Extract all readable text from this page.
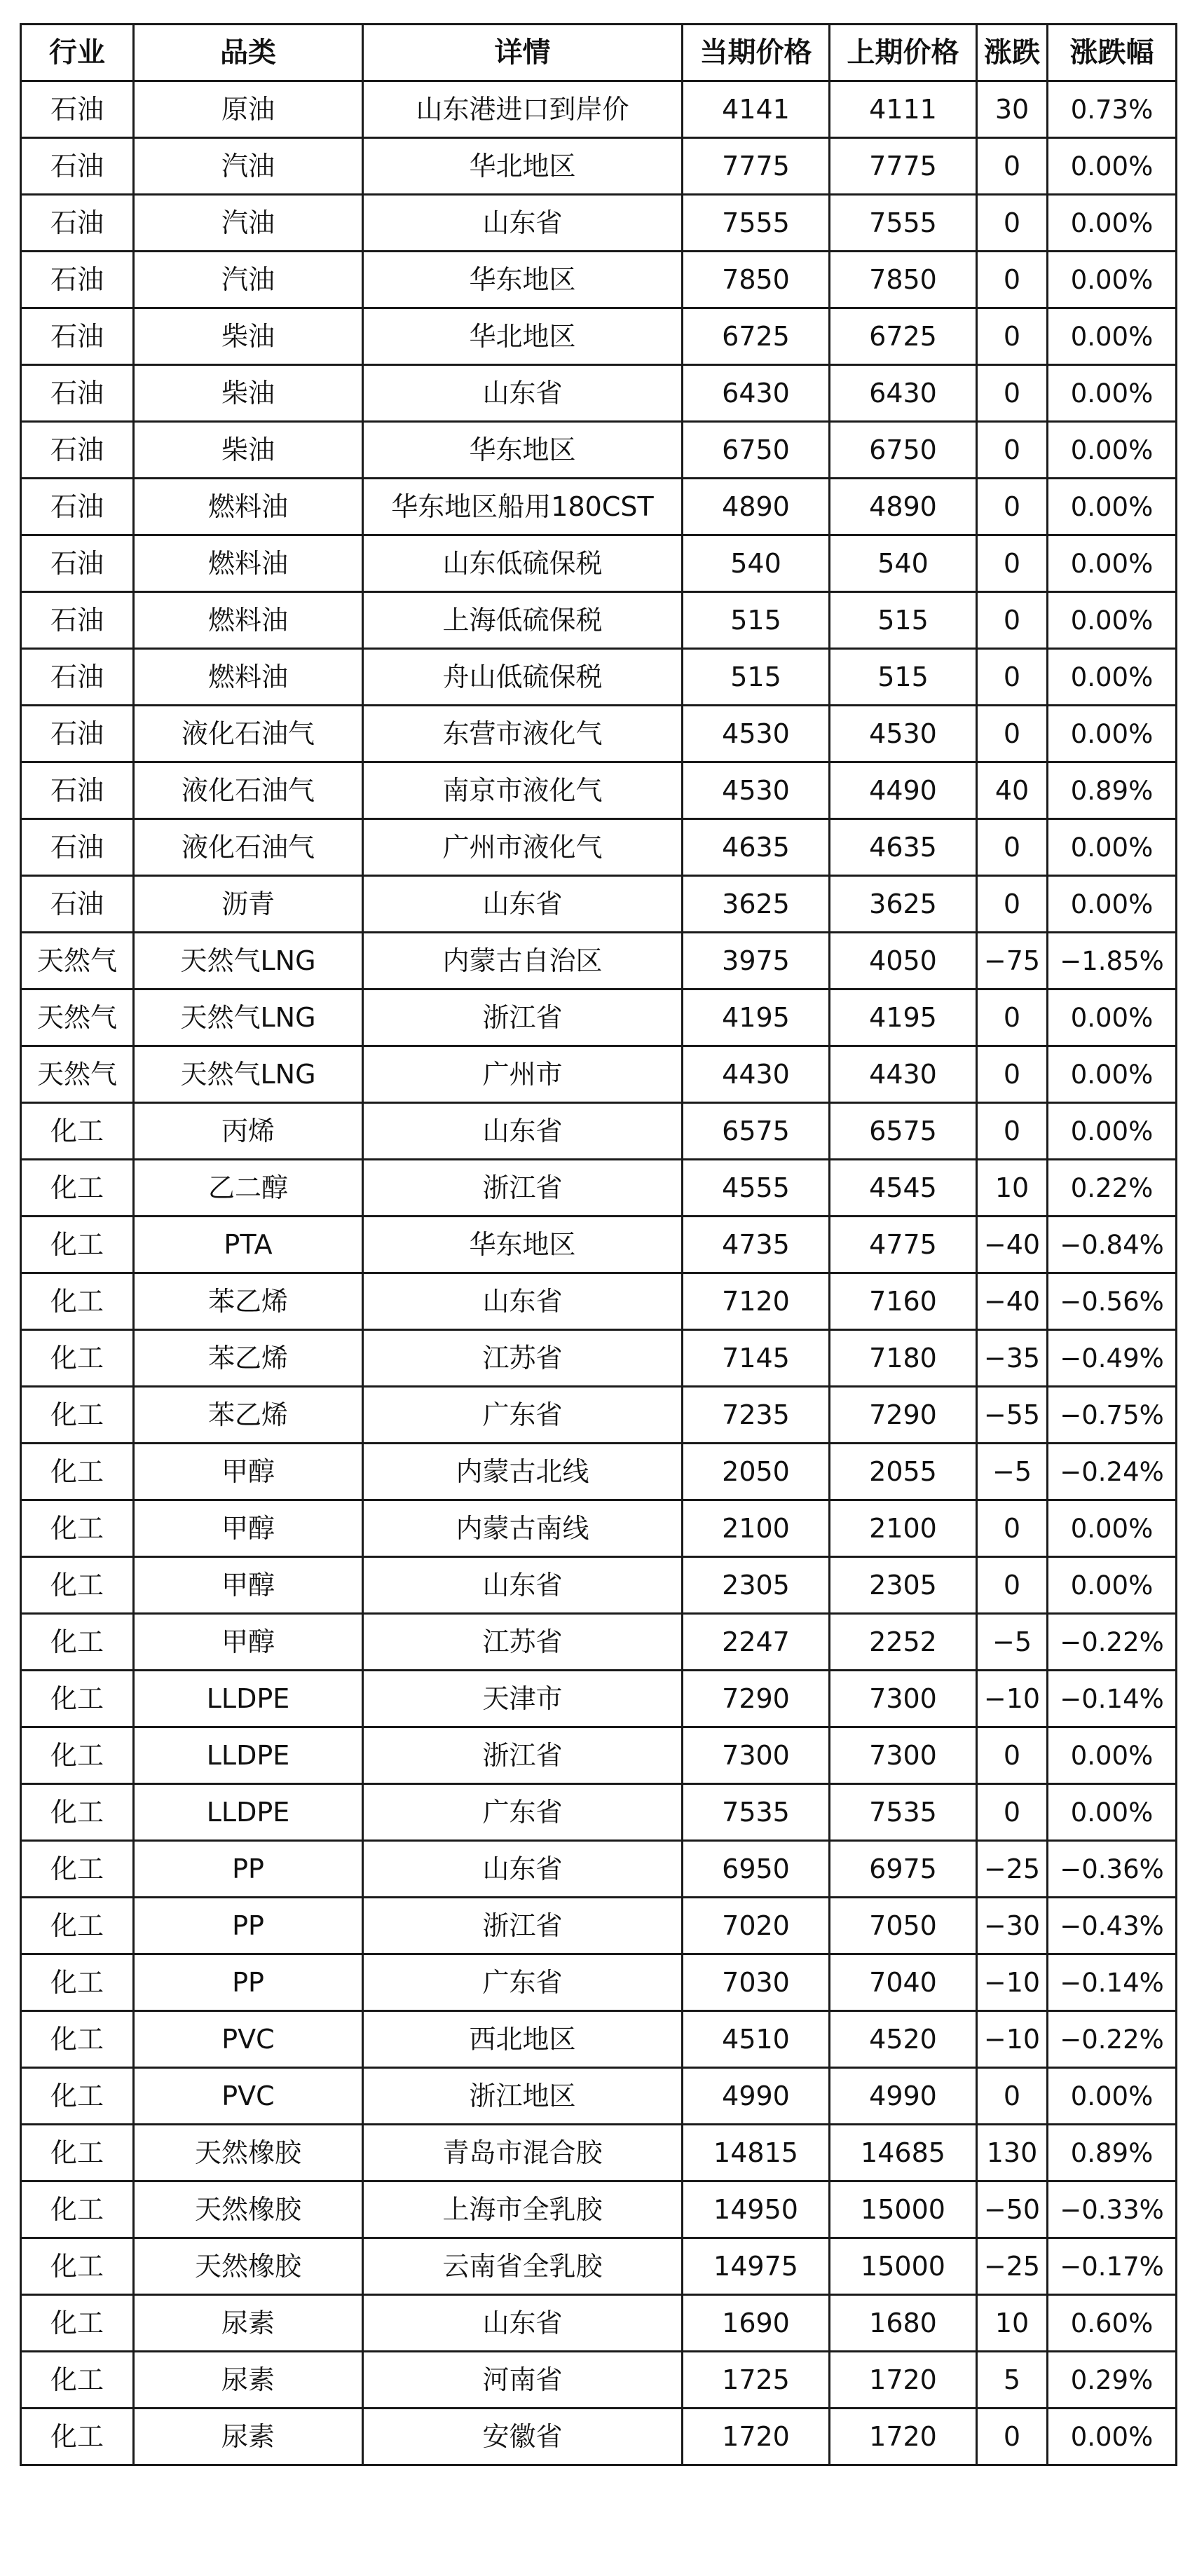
行业	品类	详情	当期价格	上期价格	涨跌	涨跌幅
石油	原油	山东港进口到岸价	4141	4111	30	0.73%
石油	汽油	华北地区	7775	7775	0	0.00%
石油	汽油	山东省	7555	7555	0	0.00%
石油	汽油	华东地区	7850	7850	0	0.00%
石油	柴油	华北地区	6725	6725	0	0.00%
石油	柴油	山东省	6430	6430	0	0.00%
石油	柴油	华东地区	6750	6750	0	0.00%
石油	燃料油	华东地区船用180CST	4890	4890	0	0.00%
石油	燃料油	山东低硫保税	540	540	0	0.00%
石油	燃料油	上海低硫保税	515	515	0	0.00%
石油	燃料油	舟山低硫保税	515	515	0	0.00%
石油	液化石油气	东营市液化气	4530	4530	0	0.00%
石油	液化石油气	南京市液化气	4530	4490	40	0.89%
石油	液化石油气	广州市液化气	4635	4635	0	0.00%
石油	沥青	山东省	3625	3625	0	0.00%
天然气	天然气LNG	内蒙古自治区	3975	4050	−75	−1.85%
天然气	天然气LNG	浙江省	4195	4195	0	0.00%
天然气	天然气LNG	广州市	4430	4430	0	0.00%
化工	丙烯	山东省	6575	6575	0	0.00%
化工	乙二醇	浙江省	4555	4545	10	0.22%
化工	PTA	华东地区	4735	4775	−40	−0.84%
化工	苯乙烯	山东省	7120	7160	−40	−0.56%
化工	苯乙烯	江苏省	7145	7180	−35	−0.49%
化工	苯乙烯	广东省	7235	7290	−55	−0.75%
化工	甲醇	内蒙古北线	2050	2055	−5	−0.24%
化工	甲醇	内蒙古南线	2100	2100	0	0.00%
化工	甲醇	山东省	2305	2305	0	0.00%
化工	甲醇	江苏省	2247	2252	−5	−0.22%
化工	LLDPE	天津市	7290	7300	−10	−0.14%
化工	LLDPE	浙江省	7300	7300	0	0.00%
化工	LLDPE	广东省	7535	7535	0	0.00%
化工	PP	山东省	6950	6975	−25	−0.36%
化工	PP	浙江省	7020	7050	−30	−0.43%
化工	PP	广东省	7030	7040	−10	−0.14%
化工	PVC	西北地区	4510	4520	−10	−0.22%
化工	PVC	浙江地区	4990	4990	0	0.00%
化工	天然橡胶	青岛市混合胶	14815	14685	130	0.89%
化工	天然橡胶	上海市全乳胶	14950	15000	−50	−0.33%
化工	天然橡胶	云南省全乳胶	14975	15000	−25	−0.17%
化工	尿素	山东省	1690	1680	10	0.60%
化工	尿素	河南省	1725	1720	5	0.29%
化工	尿素	安徽省	1720	1720	0	0.00%
